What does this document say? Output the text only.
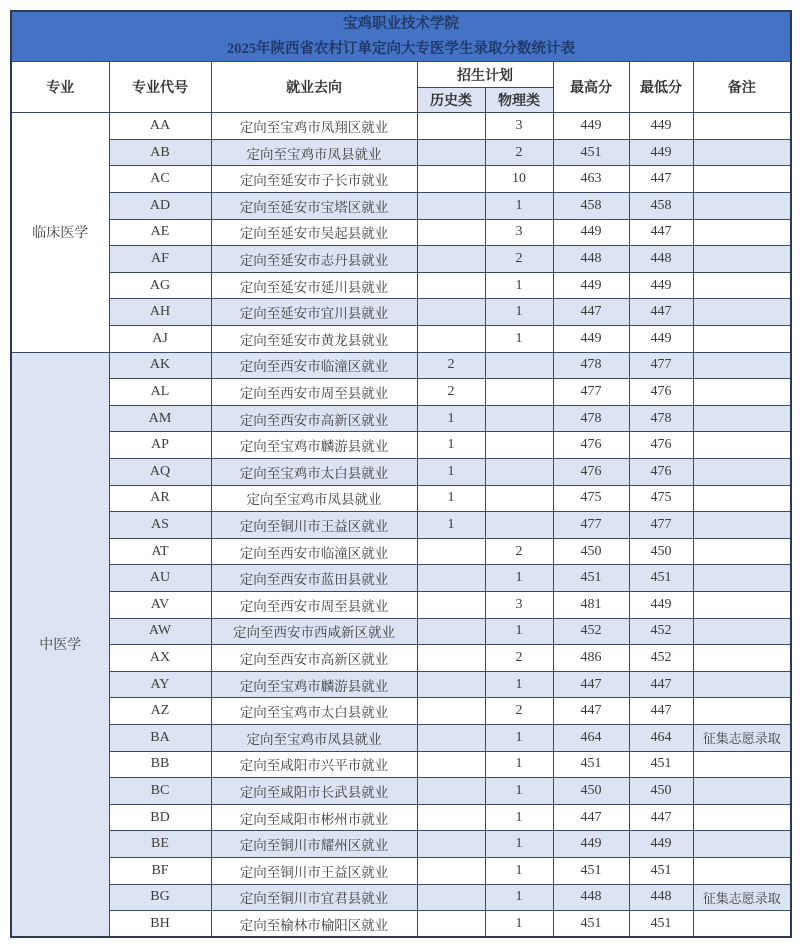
宝鸡职业技术学院
2025年陕西省农村订单定向大专医学生录取分数统计表							

专业	专业代号	就业去向	招生计划		最高分	最低分	备注
			历史类	物理类			
临床医学	AA	定向至宝鸡市凤翔区就业		3	449	449	
	AB	定向至宝鸡市凤县就业		2	451	449	
	AC	定向至延安市子长市就业		10	463	447	
	AD	定向至延安市宝塔区就业		1	458	458	
	AE	定向至延安市吴起县就业		3	449	447	
	AF	定向至延安市志丹县就业		2	448	448	
	AG	定向至延安市延川县就业		1	449	449	
	AH	定向至延安市宜川县就业		1	447	447	
	AJ	定向至延安市黄龙县就业		1	449	449	
中医学	AK	定向至西安市临潼区就业	2		478	477	
	AL	定向至西安市周至县就业	2		477	476	
	AM	定向至西安市高新区就业	1		478	478	
	AP	定向至宝鸡市麟游县就业	1		476	476	
	AQ	定向至宝鸡市太白县就业	1		476	476	
	AR	定向至宝鸡市凤县就业	1		475	475	
	AS	定向至铜川市王益区就业	1		477	477	
	AT	定向至西安市临潼区就业		2	450	450	
	AU	定向至西安市蓝田县就业		1	451	451	
	AV	定向至西安市周至县就业		3	481	449	
	AW	定向至西安市西咸新区就业		1	452	452	
	AX	定向至西安市高新区就业		2	486	452	
	AY	定向至宝鸡市麟游县就业		1	447	447	
	AZ	定向至宝鸡市太白县就业		2	447	447	
	BA	定向至宝鸡市凤县就业		1	464	464	征集志愿录取
	BB	定向至咸阳市兴平市就业		1	451	451	
	BC	定向至咸阳市长武县就业		1	450	450	
	BD	定向至咸阳市彬州市就业		1	447	447	
	BE	定向至铜川市耀州区就业		1	449	449	
	BF	定向至铜川市王益区就业		1	451	451	
	BG	定向至铜川市宜君县就业		1	448	448	征集志愿录取
	BH	定向至榆林市榆阳区就业		1	451	451	
